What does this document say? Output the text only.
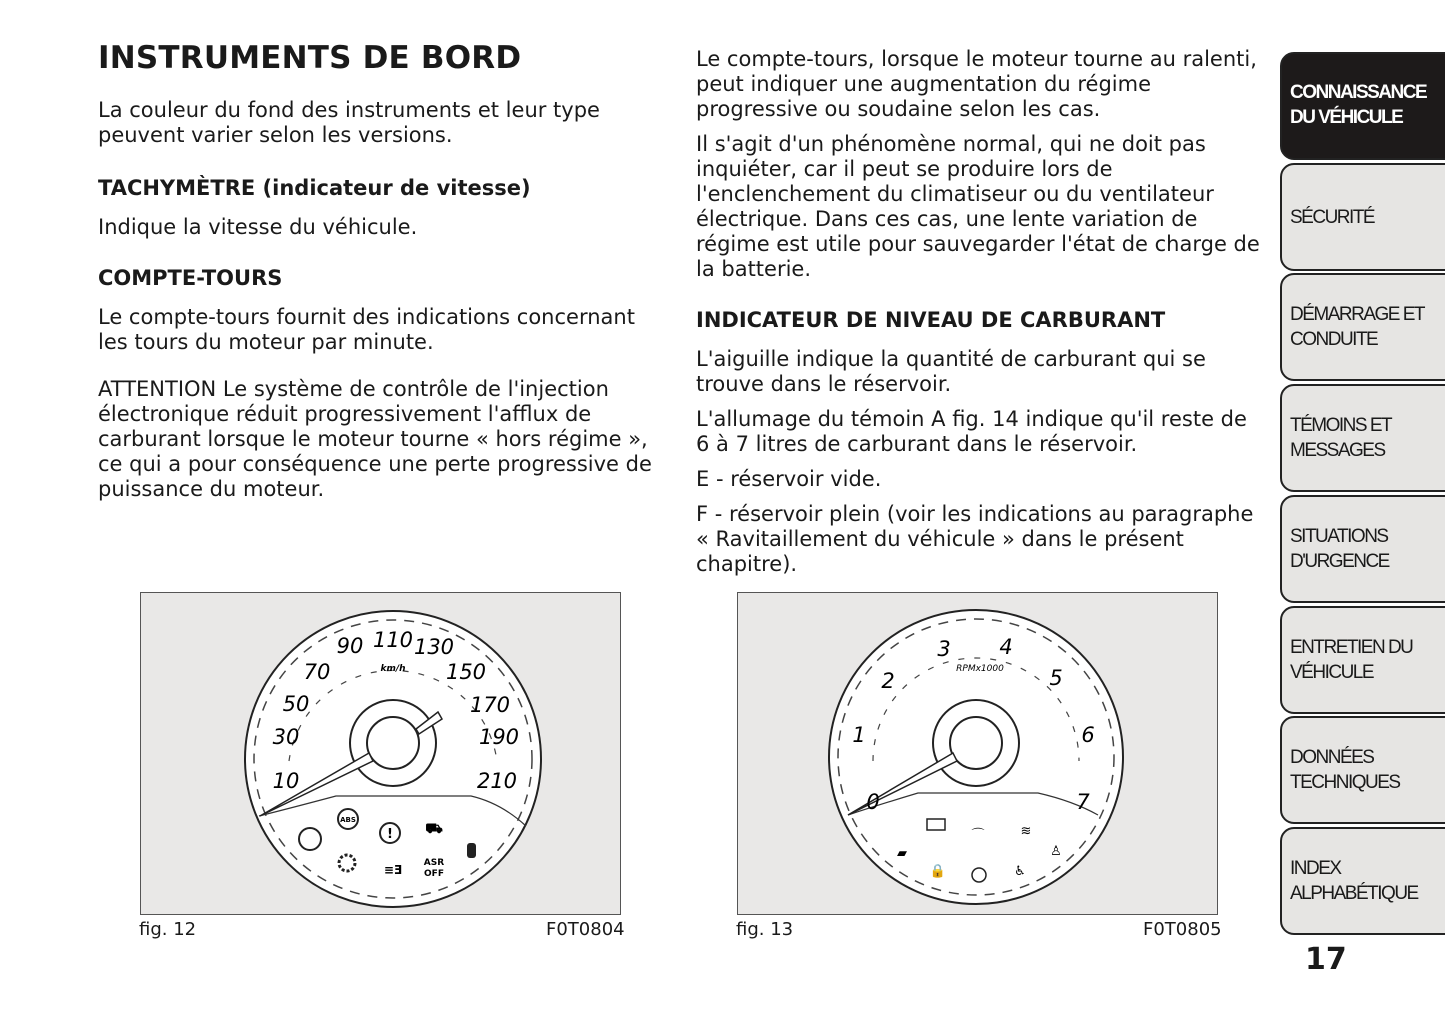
INSTRUMENTS DE BORD

La couleur du fond des instruments et leur type peuvent varier selon les versions.

TACHYMÈTRE (indicateur de vitesse)

Indique la vitesse du véhicule.

COMPTE-TOURS

Le compte-tours fournit des indications concernant les tours du moteur par minute.

ATTENTION Le système de contrôle de l'injection électronique réduit progressivement l'afflux de carburant lorsque le moteur tourne « hors régime », ce qui a pour conséquence une perte progressive de puissance du moteur.

Le compte-tours, lorsque le moteur tourne au ralenti, peut indiquer une augmentation du régime progressive ou soudaine selon les cas.

Il s'agit d'un phénomène normal, qui ne doit pas inquiéter, car il peut se produire lors de l'enclenchement du climatiseur ou du ventilateur électrique. Dans ces cas, une lente variation de régime est utile pour sauvegarder l'état de charge de la batterie.

INDICATEUR DE NIVEAU DE CARBURANT

L'aiguille indique la quantité de carburant qui se trouve dans le réservoir.

L'allumage du témoin A fig. 14 indique qu'il reste de 6 à 7 litres de carburant dans le réservoir.

E - réservoir vide.

F - réservoir plein (voir les indications au paragraphe « Ravitaillement du véhicule » dans le présent chapitre).

km/h
10
30
50
70
90 110 130
150
170
190
210
ABS
! ⛟
≡Ǝ ASR
OFF
fig. 12	F0T0804
RPMx1000
0
1
2
3 4
5
6
7
▰
⌒	≋
♙
🔒	♿
fig. 13	F0T0805
CONNAISSANCE
DU VÉHICULE
SÉCURITÉ
DÉMARRAGE ET
CONDUITE
TÉMOINS ET
MESSAGES
SITUATIONS
D'URGENCE
ENTRETIEN DU
VÉHICULE
DONNÉES
TECHNIQUES
INDEX
ALPHABÉTIQUE
17
